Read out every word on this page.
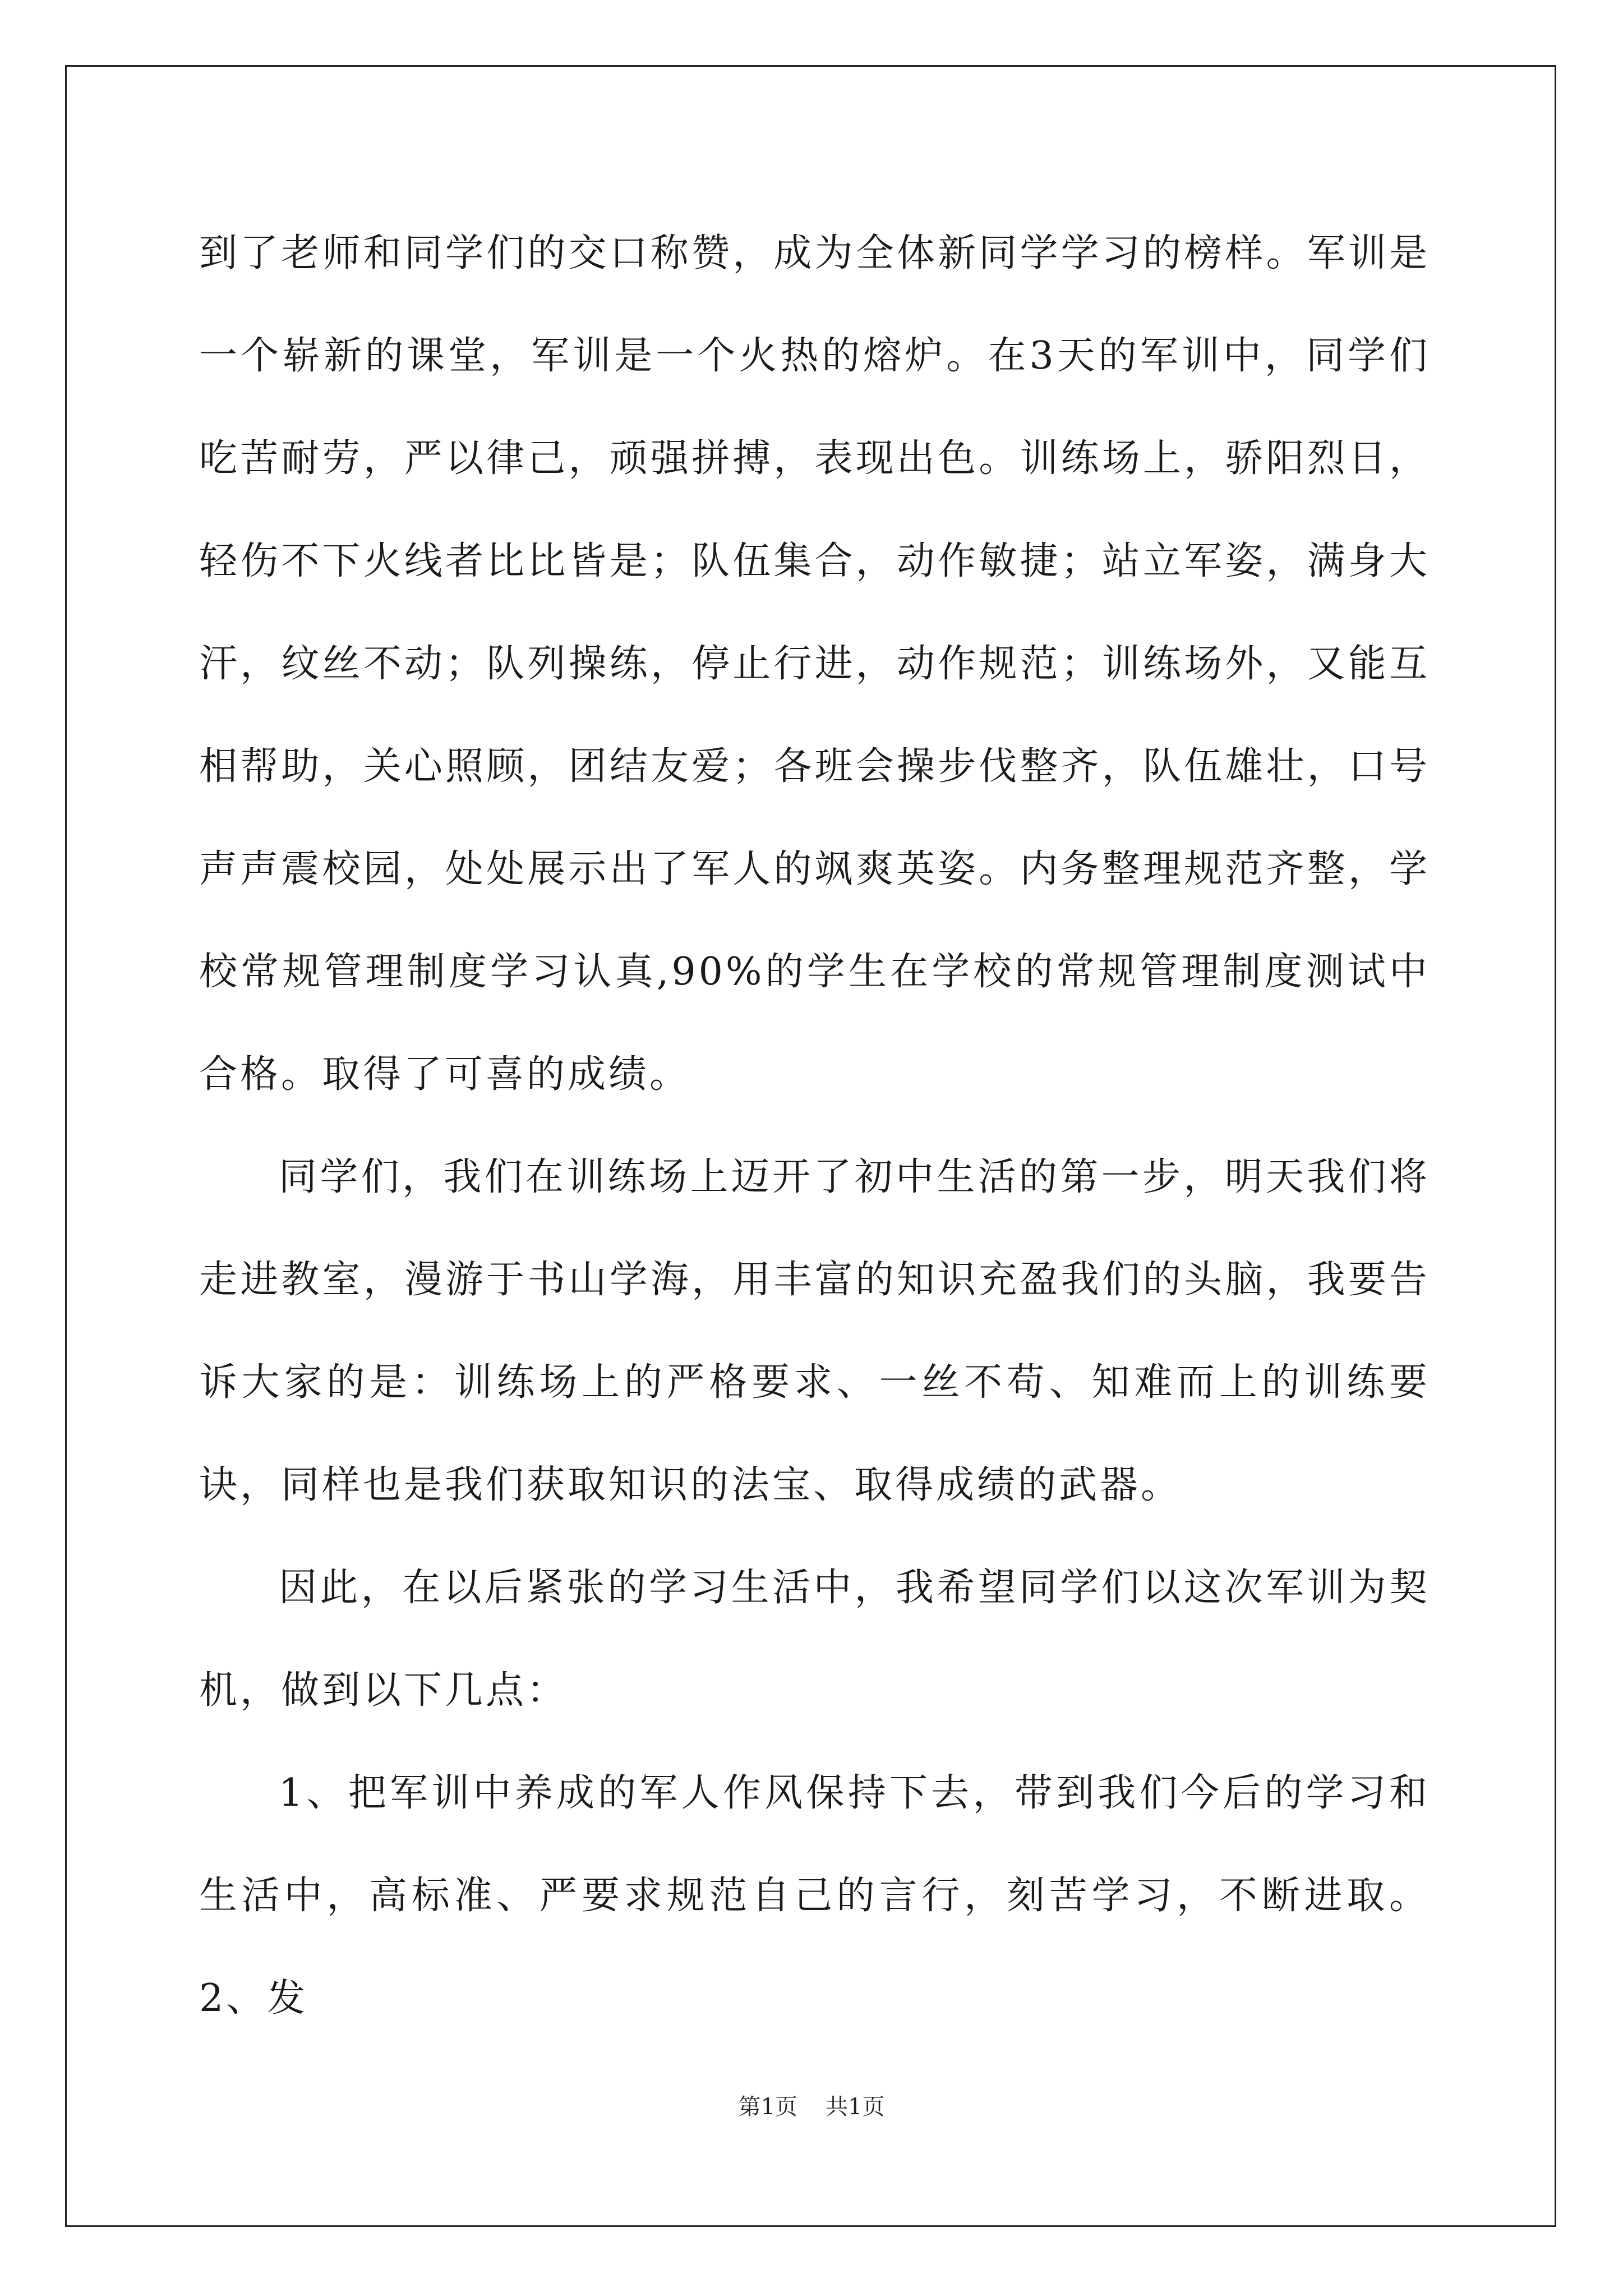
到了老师和同学们的交口称赞，成为全体新同学学习的榜样。军训是一个崭新的课堂，军训是一个火热的熔炉。在3天的军训中，同学们吃苦耐劳，严以律己，顽强拼搏，表现出色。训练场上，骄阳烈日，轻伤不下火线者比比皆是；队伍集合，动作敏捷；站立军姿，满身大汗，纹丝不动；队列操练，停止行进，动作规范；训练场外，又能互相帮助，关心照顾，团结友爱；各班会操步伐整齐，队伍雄壮，口号声声震校园，处处展示出了军人的飒爽英姿。内务整理规范齐整，学校常规管理制度学习认真,90%的学生在学校的常规管理制度测试中合格。取得了可喜的成绩。

同学们，我们在训练场上迈开了初中生活的第一步，明天我们将走进教室，漫游于书山学海，用丰富的知识充盈我们的头脑，我要告诉大家的是：训练场上的严格要求、一丝不苟、知难而上的训练要诀，同样也是我们获取知识的法宝、取得成绩的武器。

因此，在以后紧张的学习生活中，我希望同学们以这次军训为契机，做到以下几点：

1、把军训中养成的军人作风保持下去，带到我们今后的学习和生活中，高标准、严要求规范自己的言行，刻苦学习，不断进取。2、发

第1页 共1页
